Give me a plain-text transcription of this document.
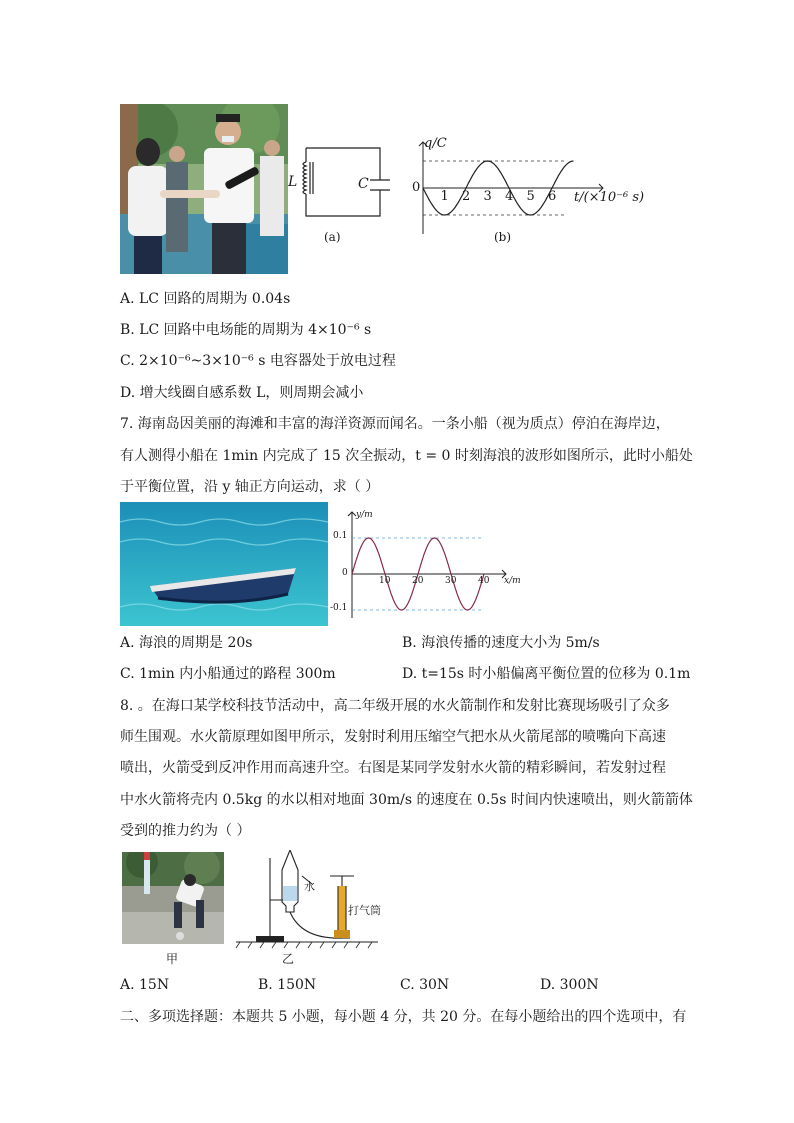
L	C
(a)
q/C
0
1 2 3 4 5 6 t/(×10⁻⁶ s)
(b)
A. LC 回路的周期为 0.04s
B. LC 回路中电场能的周期为 4×10⁻⁶ s
C. 2×10⁻⁶~3×10⁻⁶ s 电容器处于放电过程
D. 增大线圈自感系数 L，则周期会减小
7. 海南岛因美丽的海滩和丰富的海洋资源而闻名。一条小船（视为质点）停泊在海岸边，
有人测得小船在 1min 内完成了 15 次全振动，t = 0 时刻海浪的波形如图所示，此时小船处
于平衡位置，沿 y 轴正方向运动，求（ ）
y/m
0.1
0
-0.1
10 20 30 40 x/m
A. 海浪的周期是 20s	B. 海浪传播的速度大小为 5m/s
C. 1min 内小船通过的路程 300m	D. t=15s 时小船偏离平衡位置的位移为 0.1m
8. 。在海口某学校科技节活动中，高二年级开展的水火箭制作和发射比赛现场吸引了众多
师生围观。水火箭原理如图甲所示，发射时利用压缩空气把水从火箭尾部的喷嘴向下高速
喷出，火箭受到反冲作用而高速升空。右图是某同学发射水火箭的精彩瞬间，若发射过程
中水火箭将壳内 0.5kg 的水以相对地面 30m/s 的速度在 0.5s 时间内快速喷出，则火箭箭体
受到的推力约为（ ）
甲
水
打气筒
乙
A. 15N	B. 150N	C. 30N	D. 300N
二、多项选择题：本题共 5 小题，每小题 4 分，共 20 分。在每小题给出的四个选项中，有
